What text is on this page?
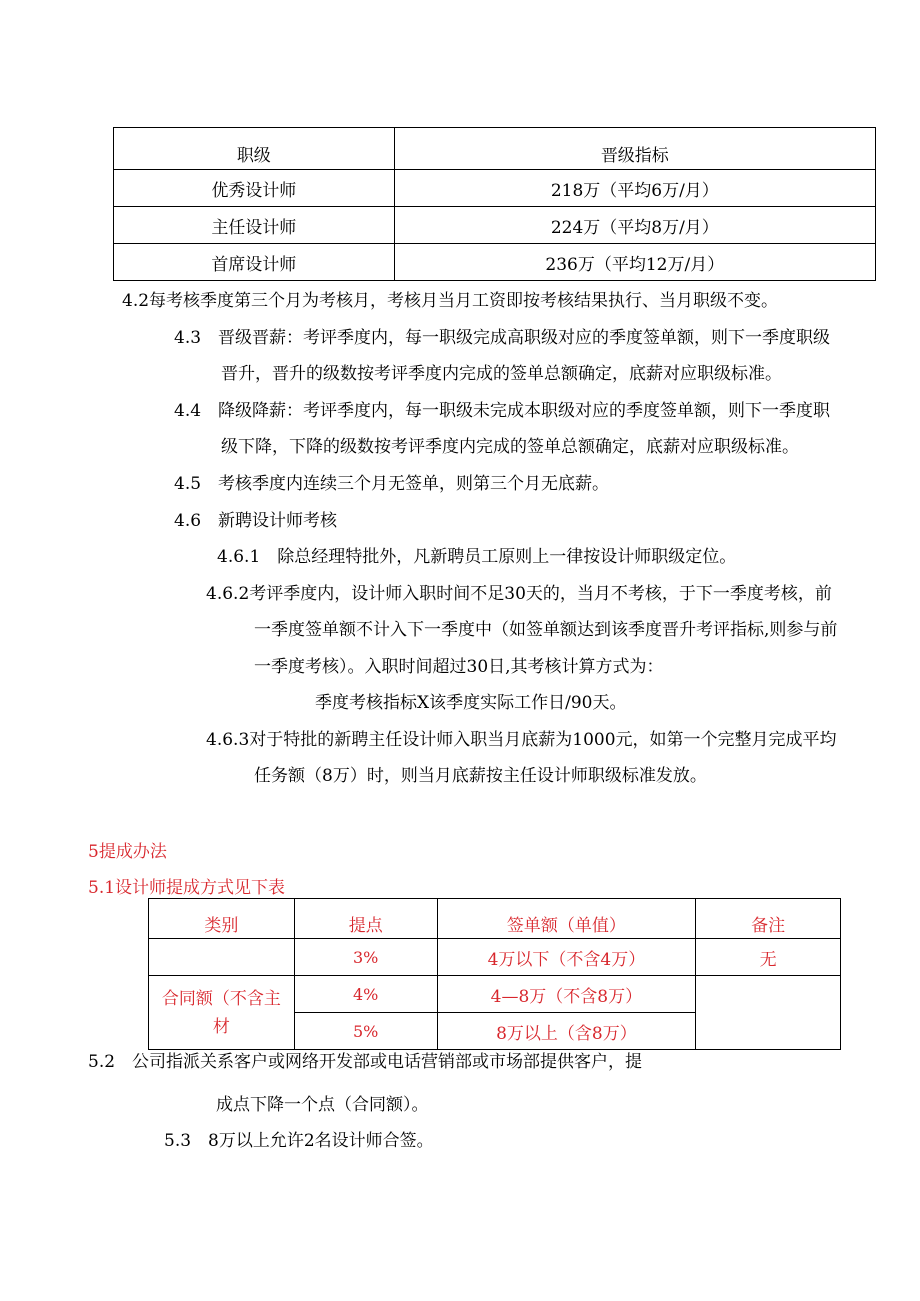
职级	晋级指标
优秀设计师	218万（平均6万/月）
主任设计师	224万（平均8万/月）
首席设计师	236万（平均12万/月）
4.2每考核季度第三个月为考核月，考核月当月工资即按考核结果执行、当月职级不变。
4.3　晋级晋薪：考评季度内，每一职级完成高职级对应的季度签单额，则下一季度职级
晋升，晋升的级数按考评季度内完成的签单总额确定，底薪对应职级标准。
4.4　降级降薪：考评季度内，每一职级未完成本职级对应的季度签单额，则下一季度职
级下降，下降的级数按考评季度内完成的签单总额确定，底薪对应职级标准。
4.5　考核季度内连续三个月无签单，则第三个月无底薪。
4.6　新聘设计师考核
4.6.1　除总经理特批外，凡新聘员工原则上一律按设计师职级定位。
4.6.2考评季度内，设计师入职时间不足30天的，当月不考核，于下一季度考核，前
一季度签单额不计入下一季度中（如签单额达到该季度晋升考评指标,则参与前
一季度考核）。入职时间超过30日,其考核计算方式为：
季度考核指标X该季度实际工作日/90天。
4.6.3对于特批的新聘主任设计师入职当月底薪为1000元，如第一个完整月完成平均
任务额（8万）时，则当月底薪按主任设计师职级标准发放。
5提成办法
5.1设计师提成方式见下表
类别	提点	签单额（单值）	备注
	3%	4万以下（不含4万）	无
合同额（不含主材	4%	4—8万（不含8万）	
	5%	8万以上（含8万）	
5.2　公司指派关系客户或网络开发部或电话营销部或市场部提供客户，提
成点下降一个点（合同额）。
5.3　8万以上允许2名设计师合签。
